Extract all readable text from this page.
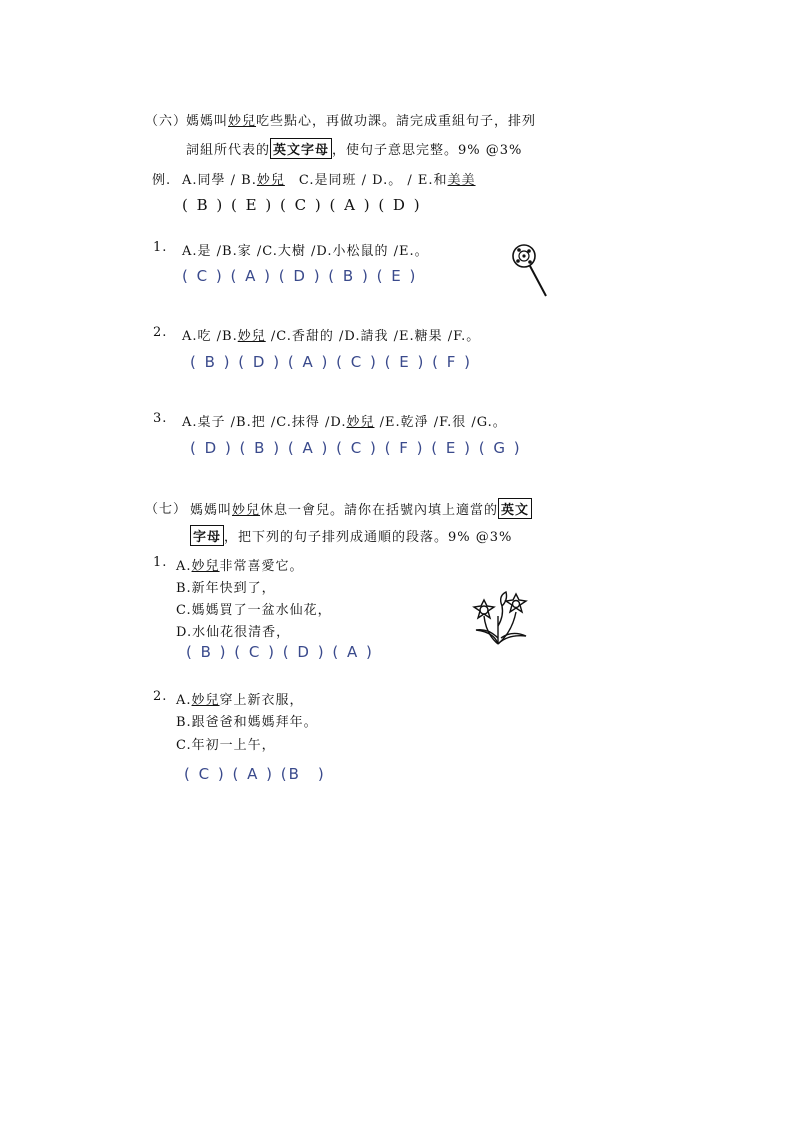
（六）
媽媽叫 妙兒 吃些點心，再做功課。請完成重組句子，排列
詞組所代表的 英文字母 ，使句子意思完整。9% @3%
例. A.同學 / B. 妙兒 　C.是同班 / D.。 / E.和 美美
( B ) ( E ) ( C ) ( A ) ( D )
1. A.是 /B.家 /C.大樹 /D.小松鼠的 /E.。
( C ) ( A ) ( D ) ( B ) ( E )
2. A.吃 /B. 妙兒 /C.香甜的 /D.請我 /E.糖果 /F.。
( B ) ( D ) ( A ) ( C ) ( E ) ( F )
3. A.桌子 /B.把 /C.抹得 /D. 妙兒 /E.乾淨 /F.很 /G.。
( D ) ( B ) ( A ) ( C ) ( F ) ( E ) ( G )
（七） 媽媽叫 妙兒 休息一會兒。請你在括號內填上適當的 英文
字母 ，把下列的句子排列成通順的段落。9% @3%
1. A. 妙兒 非常喜愛它。
B.新年快到了，
C.媽媽買了一盆水仙花，
D.水仙花很清香，
( B ) ( C ) ( D ) ( A )
2. A. 妙兒 穿上新衣服，
B.跟爸爸和媽媽拜年。
C.年初一上午，
( C ) ( A ) (B　)
